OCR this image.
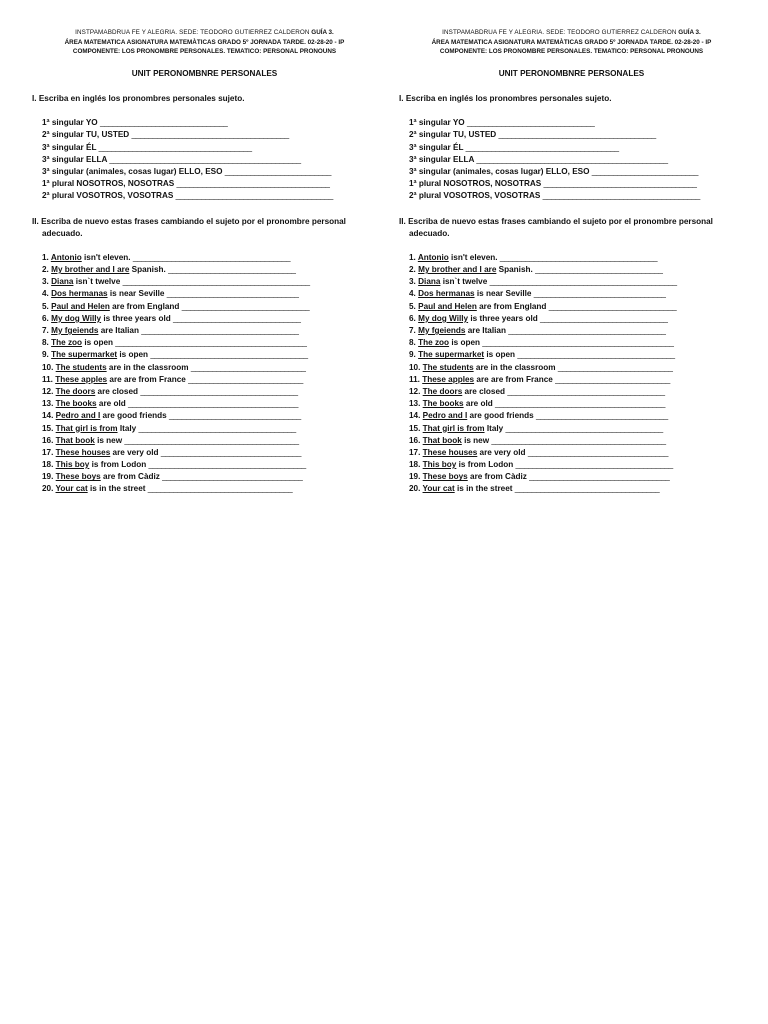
INSTPAMABDRUA FE Y ALEGRIA. SEDE: TEODORO GUTIERREZ CALDERON GUÍA 3.
ÁREA MATEMATICA ASIGNATURA MATEMÀTICAS GRADO 5º JORNADA TARDE. 02-28-20 - IP
COMPONENTE: LOS PRONOMBRE PERSONALES. TEMATICO: PERSONAL PRONOUNS
UNIT PERONOMBNRE PERSONALES
I. Escriba en inglés los pronombres personales sujeto.
1ª singular YO ______________________________
2ª singular TU, USTED _____________________________________
3ª singular ÉL ____________________________________
3ª singular ELLA _____________________________________________
3ª singular (animales, cosas lugar) ELLO, ESO _________________________
1ª plural NOSOTROS, NOSOTRAS ____________________________________
2ª plural VOSOTROS, VOSOTRAS _____________________________________
II. Escriba de nuevo estas frases cambiando el sujeto por el pronombre personal adecuado.
1. Antonio isn't eleven. _____________________________________
2. My brother and I are Spanish. ______________________________
3. Diana isn`t twelve ____________________________________________
4. Dos hermanas is near Seville _______________________________
5. Paul and Helen are from England ______________________________
6. My dog Willy is three years old ______________________________
7. My fgeiends are Italian _____________________________________
8. The zoo is open _____________________________________________
9. The supermarket is open _____________________________________
10. The students are in the classroom ___________________________
11. These apples are are from France ___________________________
12. The doors are closed _____________________________________
13. The books are old ________________________________________
14. Pedro and I are good friends _______________________________
15. That girl is from Italy _____________________________________
16. That book is new _________________________________________
17. These houses are very old _________________________________
18. This boy is from Lodon _____________________________________
19. These boys are from Càdiz _________________________________
20. Your cat is in the street __________________________________
INSTPAMABDRUA FE Y ALEGRIA. SEDE: TEODORO GUTIERREZ CALDERON GUÍA 3.
ÁREA MATEMATICA ASIGNATURA MATEMÀTICAS GRADO 5º JORNADA TARDE. 02-28-20 - IP
COMPONENTE: LOS PRONOMBRE PERSONALES. TEMATICO: PERSONAL PRONOUNS
UNIT PERONOMBNRE PERSONALES
I. Escriba en inglés los pronombres personales sujeto.
1ª singular YO ______________________________
2ª singular TU, USTED _____________________________________
3ª singular ÉL ____________________________________
3ª singular ELLA _____________________________________________
3ª singular (animales, cosas lugar) ELLO, ESO _________________________
1ª plural NOSOTROS, NOSOTRAS ____________________________________
2ª plural VOSOTROS, VOSOTRAS _____________________________________
II. Escriba de nuevo estas frases cambiando el sujeto por el pronombre personal adecuado.
1. Antonio isn't eleven. _____________________________________
2. My brother and I are Spanish. ______________________________
3. Diana isn`t twelve ____________________________________________
4. Dos hermanas is near Seville _______________________________
5. Paul and Helen are from England ______________________________
6. My dog Willy is three years old ______________________________
7. My fgeiends are Italian _____________________________________
8. The zoo is open _____________________________________________
9. The supermarket is open _____________________________________
10. The students are in the classroom ___________________________
11. These apples are are from France ___________________________
12. The doors are closed _____________________________________
13. The books are old ________________________________________
14. Pedro and I are good friends _______________________________
15. That girl is from Italy _____________________________________
16. That book is new _________________________________________
17. These houses are very old _________________________________
18. This boy is from Lodon _____________________________________
19. These boys are from Càdiz _________________________________
20. Your cat is in the street __________________________________
